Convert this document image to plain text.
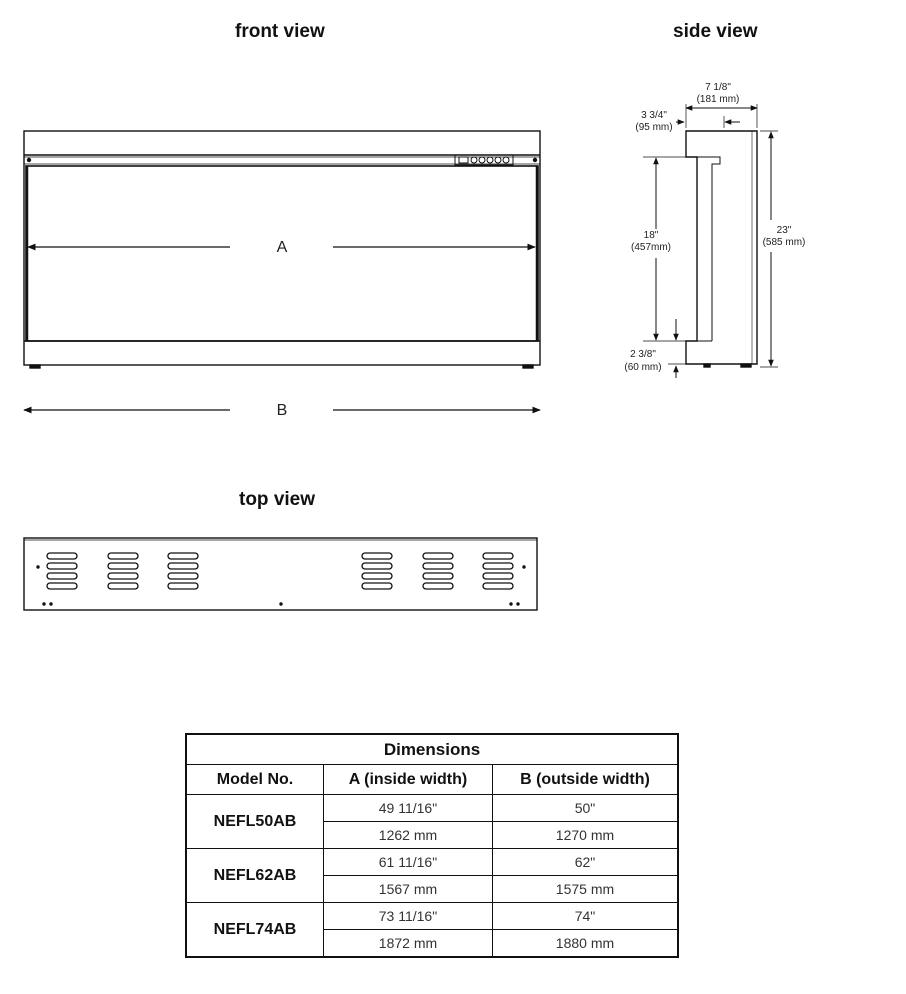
front view	side view
top view
A
B
7 1/8"
(181 mm)
3 3/4"
(95 mm)
18"
(457mm)
23"
(585 mm)
2 3/8"
(60 mm)
Dimensions		
Model No.	A (inside width)	B (outside width)
NEFL50AB	49 11/16"	50"
	1262 mm	1270 mm
NEFL62AB	61 11/16"	62"
	1567 mm	1575 mm
NEFL74AB	73 11/16"	74"
	1872 mm	1880 mm
